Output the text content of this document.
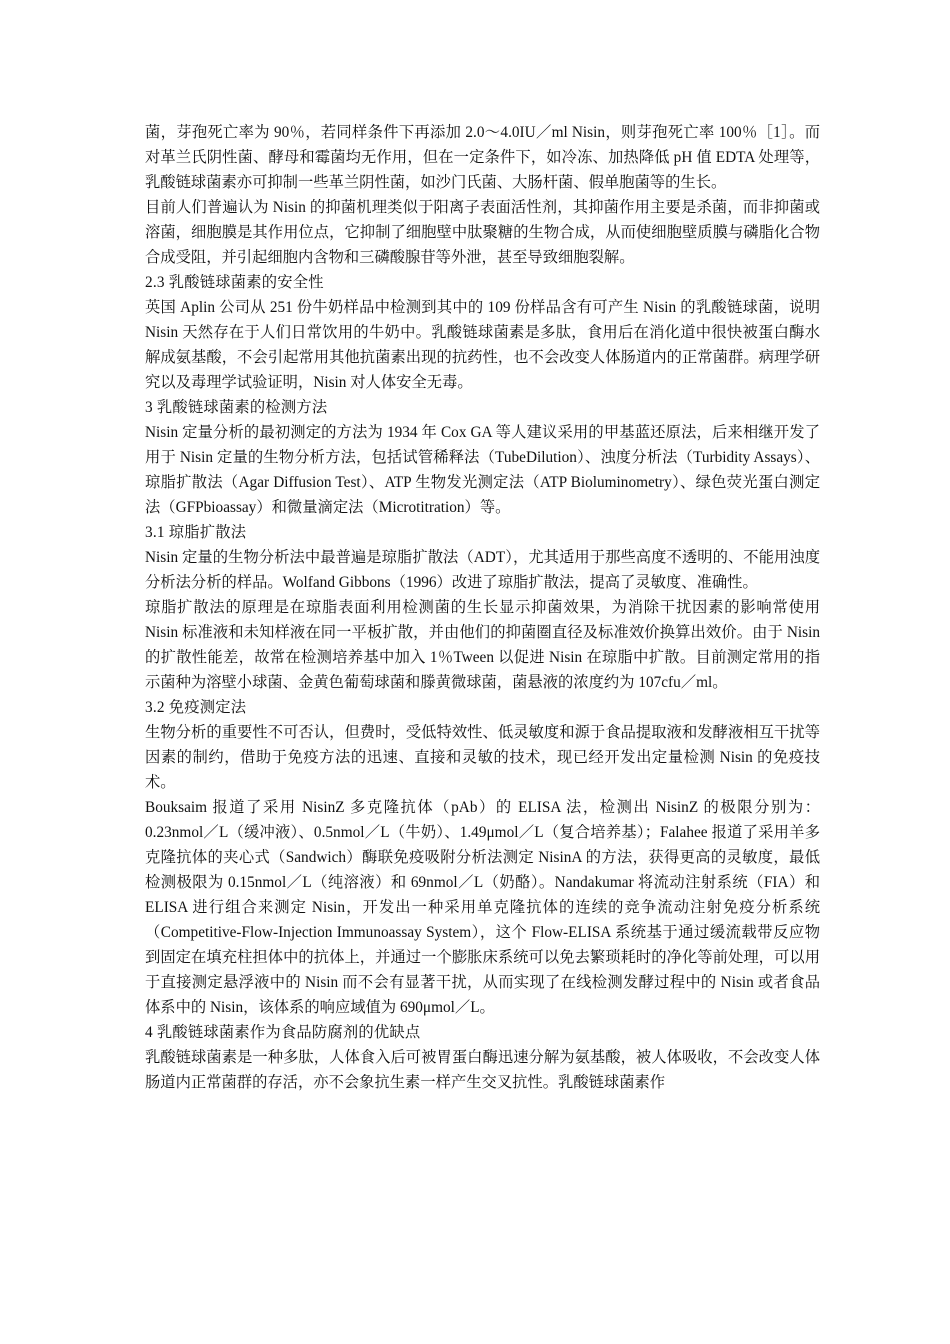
菌，芽孢死亡率为 90％，若同样条件下再添加 2.0～4.0IU／ml Nisin，则芽孢死亡率 100％［1］。而对革兰氏阴性菌、酵母和霉菌均无作用，但在一定条件下，如冷冻、加热降低 pH 值 EDTA 处理等，乳酸链球菌素亦可抑制一些革兰阴性菌，如沙门氏菌、大肠杆菌、假单胞菌等的生长。

目前人们普遍认为 Nisin 的抑菌机理类似于阳离子表面活性剂，其抑菌作用主要是杀菌，而非抑菌或溶菌，细胞膜是其作用位点，它抑制了细胞壁中肽聚糖的生物合成，从而使细胞壁质膜与磷脂化合物合成受阻，并引起细胞内含物和三磷酸腺苷等外泄，甚至导致细胞裂解。

2.3 乳酸链球菌素的安全性

英国 Aplin 公司从 251 份牛奶样品中检测到其中的 109 份样品含有可产生 Nisin 的乳酸链球菌，说明 Nisin 天然存在于人们日常饮用的牛奶中。乳酸链球菌素是多肽，食用后在消化道中很快被蛋白酶水解成氨基酸，不会引起常用其他抗菌素出现的抗药性，也不会改变人体肠道内的正常菌群。病理学研究以及毒理学试验证明，Nisin 对人体安全无毒。

3 乳酸链球菌素的检测方法

Nisin 定量分析的最初测定的方法为 1934 年 Cox GA 等人建议采用的甲基蓝还原法，后来相继开发了用于 Nisin 定量的生物分析方法，包括试管稀释法（TubeDilution）、浊度分析法（Turbidity Assays）、琼脂扩散法（Agar Diffusion Test）、ATP 生物发光测定法（ATP Bioluminometry）、绿色荧光蛋白测定法（GFPbioassay）和微量滴定法（Microtitration）等。

3.1 琼脂扩散法

Nisin 定量的生物分析法中最普遍是琼脂扩散法（ADT），尤其适用于那些高度不透明的、不能用浊度分析法分析的样品。Wolfand Gibbons（1996）改进了琼脂扩散法，提高了灵敏度、准确性。

琼脂扩散法的原理是在琼脂表面利用检测菌的生长显示抑菌效果，为消除干扰因素的影响常使用 Nisin 标准液和未知样液在同一平板扩散，并由他们的抑菌圈直径及标准效价换算出效价。由于 Nisin 的扩散性能差，故常在检测培养基中加入 1％Tween 以促进 Nisin 在琼脂中扩散。目前测定常用的指示菌种为溶壁小球菌、金黄色葡萄球菌和滕黄微球菌，菌悬液的浓度约为 107cfu／ml。

3.2 免疫测定法

生物分析的重要性不可否认，但费时，受低特效性、低灵敏度和源于食品提取液和发酵液相互干扰等因素的制约，借助于免疫方法的迅速、直接和灵敏的技术，现已经开发出定量检测 Nisin 的免疫技术。

Bouksaim 报道了采用 NisinZ 多克隆抗体（pAb）的 ELISA 法，检测出 NisinZ 的极限分别为：0.23nmol／L（缓冲液）、0.5nmol／L（牛奶）、1.49μmol／L（复合培养基）；Falahee 报道了采用羊多克隆抗体的夹心式（Sandwich）酶联免疫吸附分析法测定 NisinA 的方法，获得更高的灵敏度，最低检测极限为 0.15nmol／L（纯溶液）和 69nmol／L（奶酪）。Nandakumar 将流动注射系统（FIA）和 ELISA 进行组合来测定 Nisin，开发出一种采用单克隆抗体的连续的竞争流动注射免疫分析系统（Competitive-Flow-Injection Immunoassay System），这个 Flow-ELISA 系统基于通过缓流载带反应物到固定在填充柱担体中的抗体上，并通过一个膨胀床系统可以免去繁琐耗时的净化等前处理，可以用于直接测定悬浮液中的 Nisin 而不会有显著干扰，从而实现了在线检测发酵过程中的 Nisin 或者食品体系中的 Nisin，该体系的响应域值为 690μmol／L。

4 乳酸链球菌素作为食品防腐剂的优缺点

乳酸链球菌素是一种多肽，人体食入后可被胃蛋白酶迅速分解为氨基酸，被人体吸收，不会改变人体肠道内正常菌群的存活，亦不会象抗生素一样产生交叉抗性。乳酸链球菌素作
